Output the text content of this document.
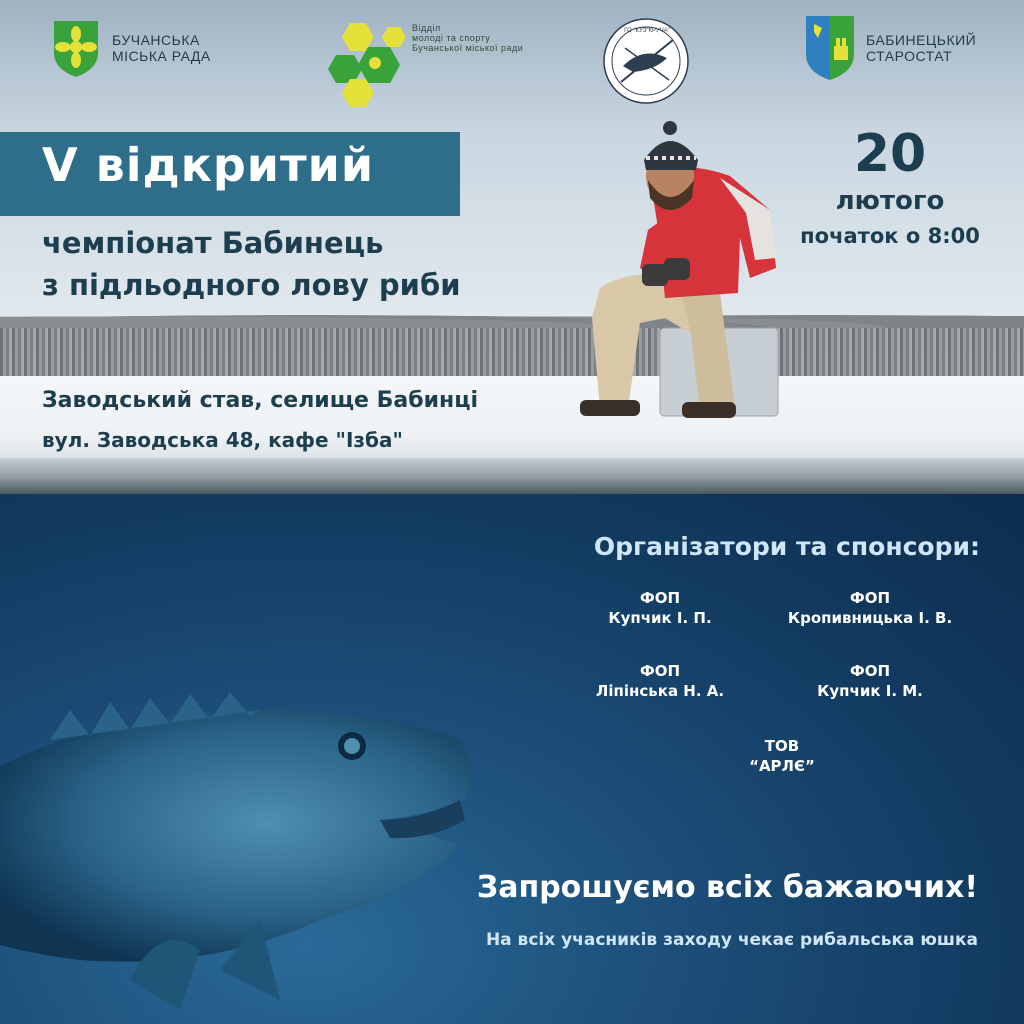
БУЧАНСЬКА
МІСЬКА РАДА
Відділ
молоді та спорту
Бучанської міської ради
ГО "КУЗ"КРУЧА"
БАБИНЕЦЬКИЙ
СТАРОСТАТ
V відкритий
чемпіонат Бабинець
з підльодного лову риби
20
лютого
початок о 8:00
Заводський став, селище Бабинці
вул. Заводська 48, кафе "Ізба"
Організатори та спонсори:
ФОП
Купчик І. П.
ФОП
Кропивницька І. В.
ФОП
Ліпінська Н. А.
ФОП
Купчик І. М.
ТОВ
“АРЛЄ”
Запрошуємо всіх бажаючих!
На всіх учасників заходу чекає рибальська юшка
